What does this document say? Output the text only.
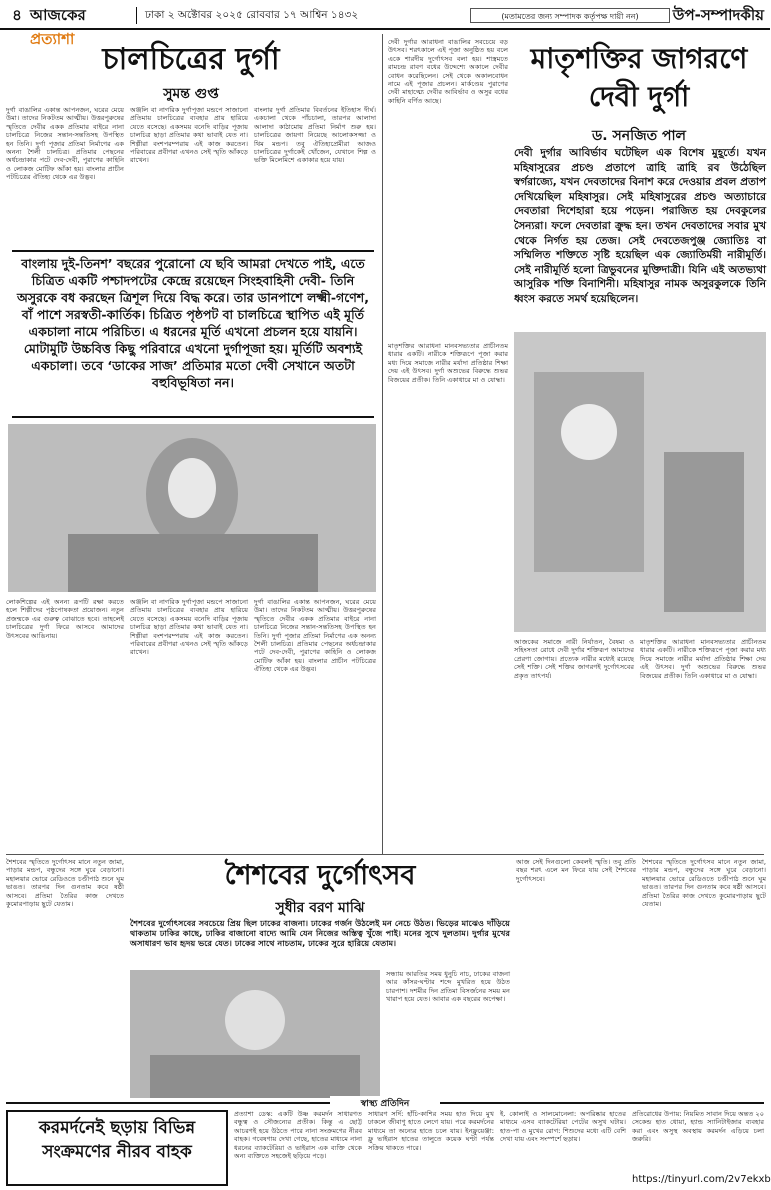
৪ আজকের প্রত্যাশা
ঢাকা ২ অক্টোবর ২০২৫ রোববার ১৭ আশ্বিন ১৪৩২	(মতামতের জন্য সম্পাদক কর্তৃপক্ষ দায়ী নন)	উপ-সম্পাদকীয়
চালচিত্রের দুর্গা
সুমন্ত গুপ্ত
দুর্গা বাঙালির একান্ত আপনজন, ঘরের মেয়ে উমা। তাদের নিকটতম আত্মীয়। উত্তরপুরুষের স্মৃতিতে দেবীর একক প্রতিমার বাইরে নানা চালচিত্রে নিজের সন্তান-সন্ততিসহ উপস্থিত হন তিনি। দুর্গা পূজার প্রতিমা নির্মাণের এক অনন্য শৈলী চালচিত্র। প্রতিমার পেছনের অর্ধচন্দ্রাকার পটে দেব-দেবী, পুরাণের কাহিনি ও লোকজ মোটিফ আঁকা হয়। বাংলার প্রাচীন পটচিত্রের ঐতিহ্য থেকে এর উদ্ভব।
অঞ্জলি বা নাগরিক দুর্গাপূজা মন্ডপে সাজানো প্রতিমায় চালচিত্রের ব্যবহার প্রায় হারিয়ে যেতে বসেছে। একসময় বনেদি বাড়ির পূজায় চালচিত্র ছাড়া প্রতিমার কথা ভাবাই যেত না। শিল্পীরা বংশপরম্পরায় এই কাজ করতেন। পরিবারের প্রবীণরা এখনও সেই স্মৃতি আঁকড়ে রাখেন।
বাংলার দুর্গা প্রতিমার বিবর্তনের ইতিহাস দীর্ঘ। একচালা থেকে পাঁচচালা, তারপর আলাদা আলাদা কাঠামোয় প্রতিমা নির্মাণ শুরু হয়। চালচিত্রের জায়গা নিয়েছে আলোকসজ্জা ও থিম মন্ডপ। তবু ঐতিহ্যপ্রেমীরা আজও চালচিত্রের দুর্গাকেই খোঁজেন, যেখানে শিল্প ও ভক্তি মিলেমিশে একাকার হয়ে যায়।
বাংলায় দুই-তিনশ’ বছরের পুরোনো যে ছবি আমরা দেখতে পাই, এতে চিত্রিত একটি পশ্চাদপটের কেন্দ্রে রয়েছেন সিংহবাহিনী দেবী- তিনি অসুরকে বধ করছেন ত্রিশূল দিয়ে বিদ্ধ করে। তার ডানপাশে লক্ষ্মী-গণেশ, বাঁ পাশে সরস্বতী-কার্তিক। চিত্রিত পৃষ্ঠপট বা চালচিত্রে স্থাপিত এই মূর্তি একচালা নামে পরিচিত। এ ধরনের মূর্তি এখনো প্রচলন হয়ে যায়নি। মোটামুটি উচ্চবিত্ত কিছু পরিবারে এখনো দুর্গাপূজা হয়। মূর্তিটি অবশ্যই একচালা। তবে ‘ডাকের সাজ’ প্রতিমার মতো দেবী সেখানে অতটা বহুবিভূষিতা নন।
লোকশিল্পের এই অনন্য রূপটি রক্ষা করতে হলে শিল্পীদের পৃষ্ঠপোষকতা প্রয়োজন। নতুন প্রজন্মকে এর গুরুত্ব বোঝাতে হবে। তাহলেই চালচিত্রের দুর্গা ফিরে আসবে আমাদের উৎসবের আঙিনায়।
অঞ্জলি বা নাগরিক দুর্গাপূজা মন্ডপে সাজানো প্রতিমায় চালচিত্রের ব্যবহার প্রায় হারিয়ে যেতে বসেছে। একসময় বনেদি বাড়ির পূজায় চালচিত্র ছাড়া প্রতিমার কথা ভাবাই যেত না। শিল্পীরা বংশপরম্পরায় এই কাজ করতেন। পরিবারের প্রবীণরা এখনও সেই স্মৃতি আঁকড়ে রাখেন।
দুর্গা বাঙালির একান্ত আপনজন, ঘরের মেয়ে উমা। তাদের নিকটতম আত্মীয়। উত্তরপুরুষের স্মৃতিতে দেবীর একক প্রতিমার বাইরে নানা চালচিত্রে নিজের সন্তান-সন্ততিসহ উপস্থিত হন তিনি। দুর্গা পূজার প্রতিমা নির্মাণের এক অনন্য শৈলী চালচিত্র। প্রতিমার পেছনের অর্ধচন্দ্রাকার পটে দেব-দেবী, পুরাণের কাহিনি ও লোকজ মোটিফ আঁকা হয়। বাংলার প্রাচীন পটচিত্রের ঐতিহ্য থেকে এর উদ্ভব।
দেবী দুর্গার আরাধনা বাঙালির সবচেয়ে বড় উৎসব। শরৎকালে এই পূজা অনুষ্ঠিত হয় বলে একে শারদীয় দুর্গোৎসব বলা হয়। শাস্ত্রমতে রামচন্দ্র রাবণ বধের উদ্দেশ্যে অকালে দেবীর বোধন করেছিলেন। সেই থেকে অকালবোধন নামে এই পূজার প্রচলন। মার্কণ্ডেয় পুরাণের দেবী মাহাত্ম্যে দেবীর আবির্ভাব ও অসুর বধের কাহিনি বর্ণিত আছে।
মাতৃশক্তির জাগরণে দেবী দুর্গা
ড. সনজিত পাল
দেবী দুর্গার আবির্ভাব ঘটেছিল এক বিশেষ মুহূর্তে। যখন মহিষাসুরের প্রচণ্ড প্রতাপে ত্রাহি ত্রাহি রব উঠেছিল স্বর্গরাজ্যে, যখন দেবতাদের বিনাশ করে দেওয়ার প্রবল প্রতাপ দেখিয়েছিল মহিষাসুর। সেই মহিষাসুরের প্রচণ্ড অত্যাচারে দেবতারা দিশেহারা হয়ে পড়েন। পরাজিত হয় দেবকুলের সৈন্যরা। ফলে দেবতারা ক্রুদ্ধ হন। তখন দেবতাদের সবার মুখ থেকে নির্গত হয় তেজ। সেই দেবতেজপুঞ্জ জ্যোতিঃ বা সম্মিলিত শক্তিতে সৃষ্টি হয়েছিল এক জ্যোতির্ময়ী নারীমূর্তি। সেই নারীমূর্তি হলো ত্রিভুবনের মুক্তিদাত্রী। যিনি এই অতভ্যথা আসুরিক শক্তি বিনাশিনী। মহিষাসুর নামক অসুরকুলকে তিনি ধ্বংস করতে সমর্থ হয়েছিলেন।
মাতৃশক্তির আরাধনা মানবসভ্যতার প্রাচীনতম ধারার একটি। নারীকে শক্তিরূপে পূজা করার মধ্য দিয়ে সমাজে নারীর মর্যাদা প্রতিষ্ঠার শিক্ষা দেয় এই উৎসব। দুর্গা অশুভের বিরুদ্ধে শুভর বিজয়ের প্রতীক। তিনি একাধারে মা ও যোদ্ধা।
আজকের সমাজে নারী নির্যাতন, বৈষম্য ও সহিংসতা রোধে দেবী দুর্গার শক্তিরূপ আমাদের প্রেরণা জোগায়। প্রত্যেক নারীর মধ্যেই রয়েছে সেই শক্তি। সেই শক্তির জাগরণই দুর্গোৎসবের প্রকৃত তাৎপর্য।
মাতৃশক্তির আরাধনা মানবসভ্যতার প্রাচীনতম ধারার একটি। নারীকে শক্তিরূপে পূজা করার মধ্য দিয়ে সমাজে নারীর মর্যাদা প্রতিষ্ঠার শিক্ষা দেয় এই উৎসব। দুর্গা অশুভের বিরুদ্ধে শুভর বিজয়ের প্রতীক। তিনি একাধারে মা ও যোদ্ধা।
শৈশবের স্মৃতিতে দুর্গোৎসব মানে নতুন জামা, পাড়ার মন্ডপ, বন্ধুদের সঙ্গে ঘুরে বেড়ানো। মহালয়ার ভোরে রেডিওতে চণ্ডীপাঠ শুনে ঘুম ভাঙত। তারপর দিন গুনতাম কবে ষষ্ঠী আসবে। প্রতিমা তৈরির কাজ দেখতে কুমোরপাড়ায় ছুটে যেতাম।
শৈশবের দুর্গোৎসব
সুধীর বরণ মাঝি
শৈশবের দুর্গোৎসবের সবচেয়ে প্রিয় ছিল ঢাকের বাজনা। ঢাকের গর্জন উঠলেই মন নেচে উঠত। ভিড়ের মাঝেও দাঁড়িয়ে থাকতাম ঢাকির কাছে, ঢাকির বাজানো বাদ্যে আমি যেন নিজের অস্তিত্ব খুঁজে পাই। মনের সুখে দুলতাম। দুর্গার মুখের অসাধারণ ভাব হৃদয় ভরে যেত। ঢাকের সাথে নাচতাম, ঢাকের সুরে হারিয়ে যেতাম।
সন্ধ্যায় আরতির সময় ধুনুচি নাচ, ঢাকের বাজনা আর কাঁসর-ঘণ্টার শব্দে মুখরিত হয়ে উঠত চারপাশ। দশমীর দিন প্রতিমা বিসর্জনের সময় মন খারাপ হয়ে যেত। আবার এক বছরের অপেক্ষা।
আজ সেই দিনগুলো কেবলই স্মৃতি। তবু প্রতি বছর শরৎ এলে মন ফিরে যায় সেই শৈশবের দুর্গোৎসবে।
শৈশবের স্মৃতিতে দুর্গোৎসব মানে নতুন জামা, পাড়ার মন্ডপ, বন্ধুদের সঙ্গে ঘুরে বেড়ানো। মহালয়ার ভোরে রেডিওতে চণ্ডীপাঠ শুনে ঘুম ভাঙত। তারপর দিন গুনতাম কবে ষষ্ঠী আসবে। প্রতিমা তৈরির কাজ দেখতে কুমোরপাড়ায় ছুটে যেতাম।
স্বাস্থ্য প্রতিদিন
করমর্দনেই ছড়ায় বিভিন্ন
সংক্রমণের নীরব বাহক
প্রত্যাশা ডেস্ক: একটি উষ্ণ করমর্দন সাধারণত বন্ধুত্ব ও সৌজন্যের প্রতীক। কিন্তু এ ছোট্ট আচরণই হয়ে উঠতে পারে নানা সংক্রমণের নীরব বাহক। গবেষণায় দেখা গেছে, হাতের মাধ্যমে নানা ধরনের ব্যাকটেরিয়া ও ভাইরাস এক ব্যক্তি থেকে অন্য ব্যক্তিতে সহজেই ছড়িয়ে পড়ে।
সাধারণ সর্দি: হাঁচি-কাশির সময় হাত দিয়ে মুখ ঢাকলে জীবাণু হাতে লেগে যায়। পরে করমর্দনের মাধ্যমে তা অন্যের হাতে চলে যায়। ইনফ্লুয়েঞ্জা: ফ্লু ভাইরাস হাতের তালুতে কয়েক ঘণ্টা পর্যন্ত সক্রিয় থাকতে পারে।
ই. কোলাই ও সালমোনেলা: অপরিষ্কার হাতের মাধ্যমে এসব ব্যাকটেরিয়া পেটের অসুখ ঘটায়। হাত-পা ও মুখের রোগ: শিশুদের মধ্যে এটি বেশি দেখা যায় এবং সংস্পর্শে ছড়ায়।
প্রতিরোধের উপায়: নিয়মিত সাবান দিয়ে অন্তত ২০ সেকেন্ড হাত ধোয়া, হ্যান্ড স্যানিটাইজার ব্যবহার করা এবং অসুস্থ অবস্থায় করমর্দন এড়িয়ে চলা জরুরি।
https://tinyurl.com/2v7ekxb
